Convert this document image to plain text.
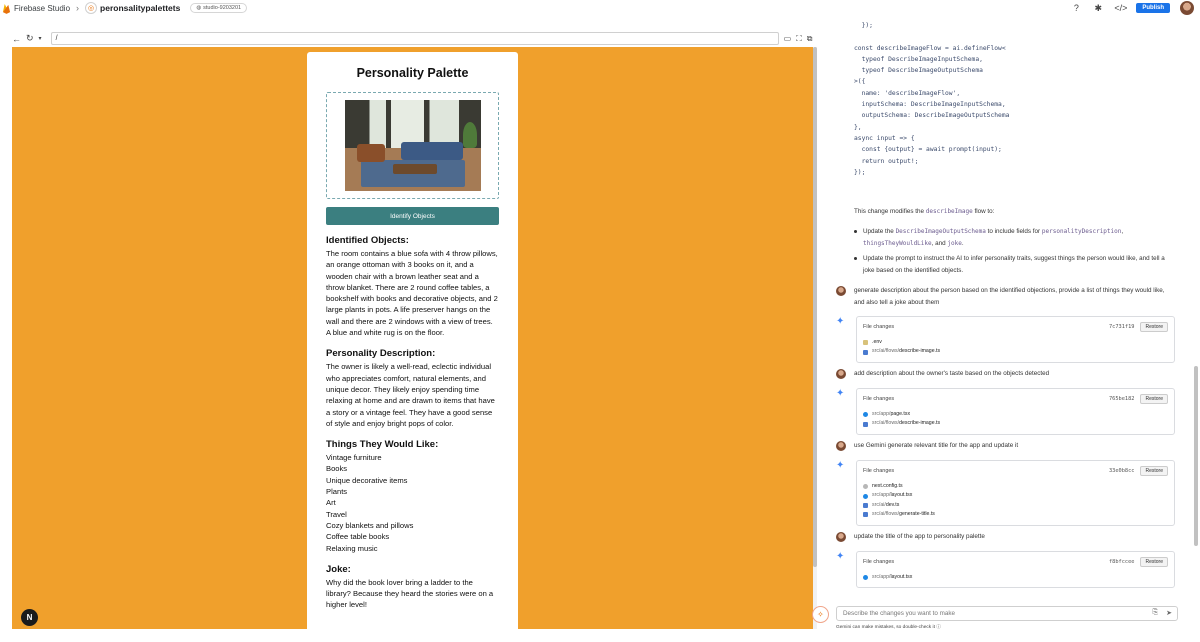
Firebase Studio ›	◎ peronsalitypalettets	◍ studio-9203201	?	✱ </>	Publish
← ↻ ▾	/	▭ ⛶ ⧉
Personality Palette
Identify Objects
Identified Objects:

The room contains a blue sofa with 4 throw pillows, an orange ottoman with 3 books on it, and a wooden chair with a brown leather seat and a throw blanket. There are 2 round coffee tables, a bookshelf with books and decorative objects, and 2 large plants in pots. A life preserver hangs on the wall and there are 2 windows with a view of trees. A blue and white rug is on the floor.

Personality Description:

The owner is likely a well-read, eclectic individual who appreciates comfort, natural elements, and unique decor. They likely enjoy spending time relaxing at home and are drawn to items that have a story or a vintage feel. They have a good sense of style and enjoy bright pops of color.

Things They Would Like:
Vintage furniture
Books
Unique decorative items
Plants
Art
Travel
Cozy blankets and pillows
Coffee table books
Relaxing music
Joke:

Why did the book lover bring a ladder to the library? Because they heard the stories were on a higher level!

N
});

const describeImageFlow = ai.defineFlow<
typeof DescribeImageInputSchema,
typeof DescribeImageOutputSchema
>({
name: 'describeImageFlow',
inputSchema: DescribeImageInputSchema,
outputSchema: DescribeImageOutputSchema
},
async input => {
const {output} = await prompt(input);
return output!;
});
This change modifies the describeImage flow to:
Update the DescribeImageOutputSchema to include fields for personalityDescription, thingsTheyWouldLike, and joke.
Update the prompt to instruct the AI to infer personality traits, suggest things the person would like, and tell a joke based on the identified objects.
generate description about the person based on the identified objections, provide a list of things they would like, and also tell a joke about them
✦	File changes	7c731f19	Restore
.env
src/ai/flows/ describe-image.ts
add description about the owner's taste based on the objects detected
✦	File changes	765be182	Restore
src/app/ page.tsx
src/ai/flows/ describe-image.ts
use Gemini generate relevant title for the app and update it
✦	File changes	33e0b8cc	Restore
next.config.ts
src/app/ layout.tsx
src/ai/ dev.ts
src/ai/flows/ generate-title.ts
update the title of the app to personality palette
✦	File changes	f8bfccee	Restore
src/app/ layout.tsx
✧	Describe the changes you want to make	⎘ ➤
Gemini can make mistakes, so double-check it ⓘ
